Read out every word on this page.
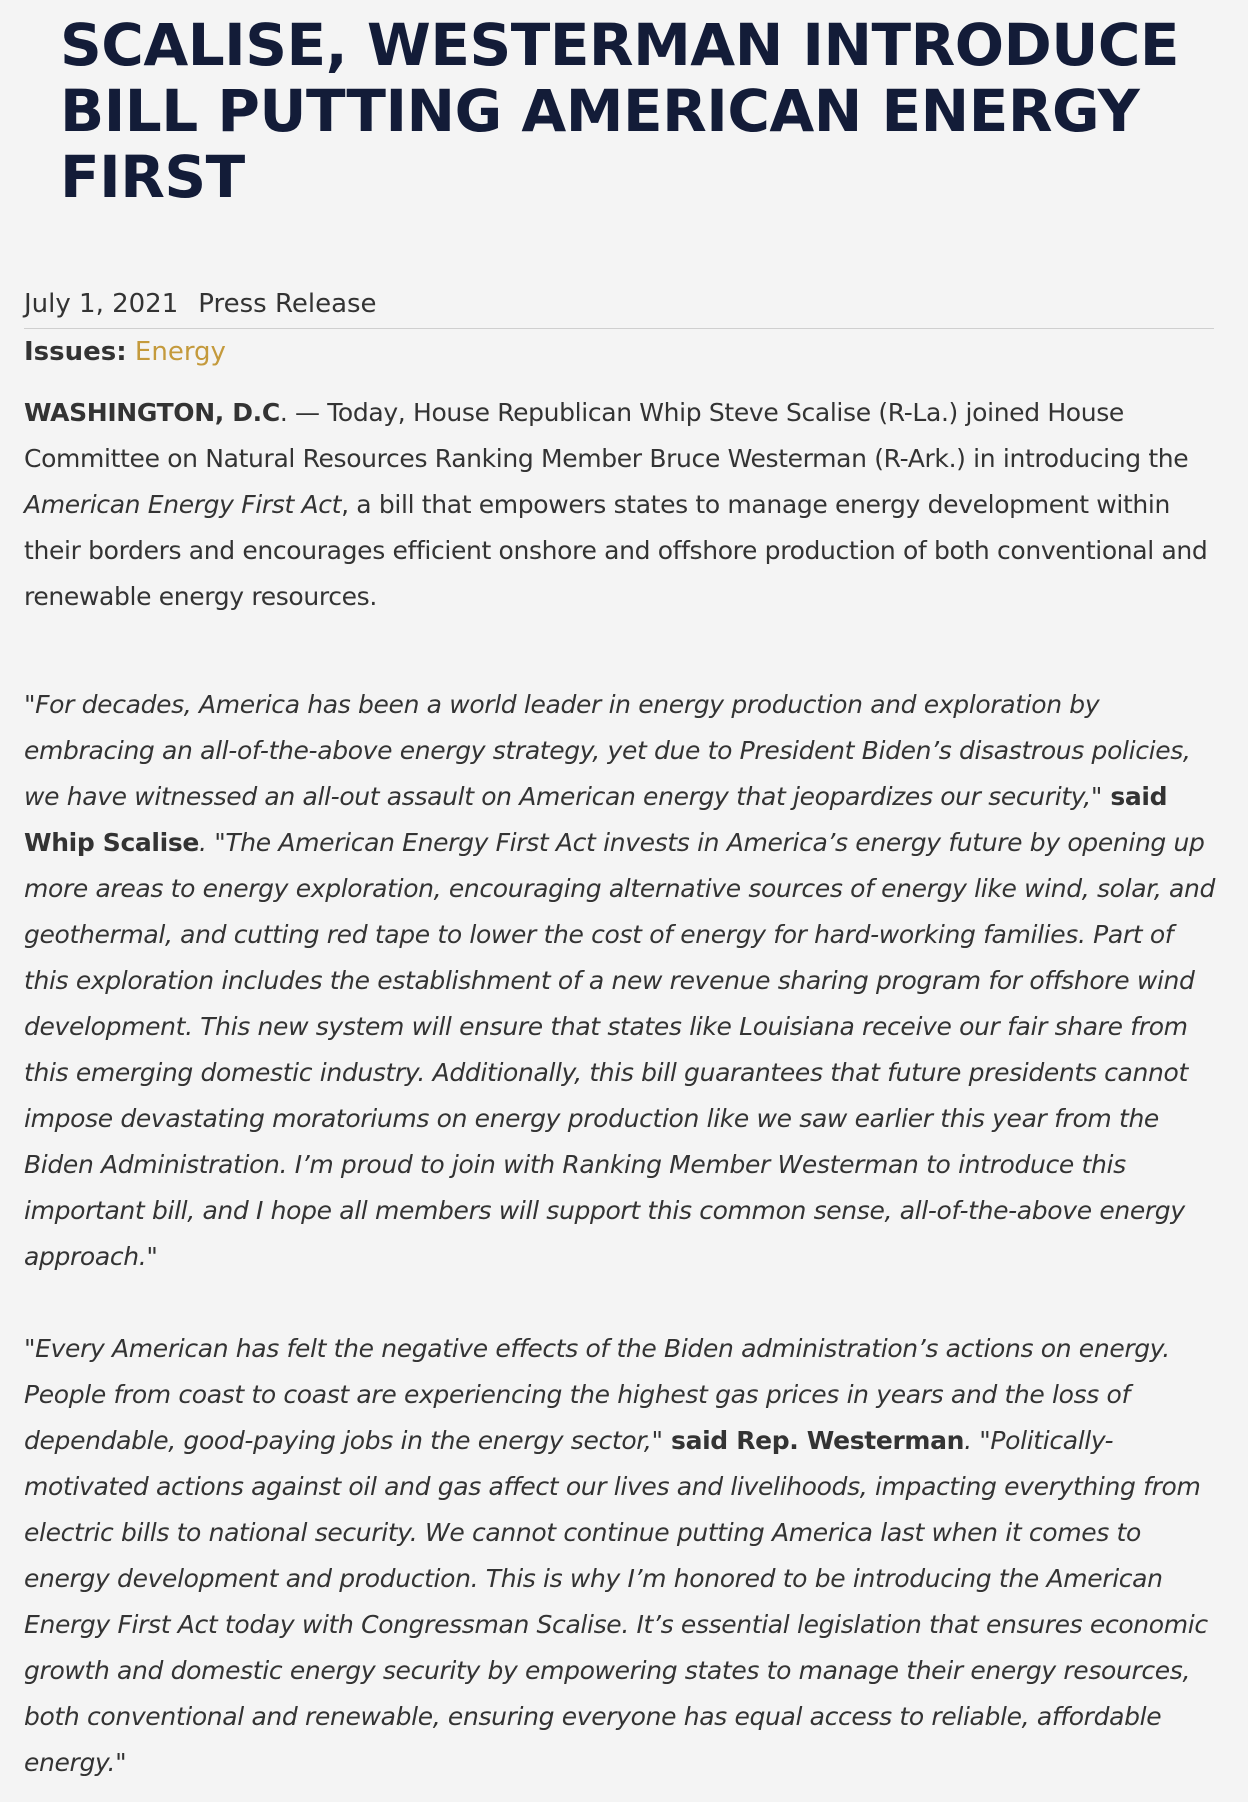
SCALISE, WESTERMAN INTRODUCE BILL PUTTING AMERICAN ENERGY FIRST
July 1, 2021 Press Release
Issues: Energy

WASHINGTON, D.C. — Today, House Republican Whip Steve Scalise (R-La.) joined House Committee on Natural Resources Ranking Member Bruce Westerman (R-Ark.) in introducing the American Energy First Act, a bill that empowers states to manage energy development within their borders and encourages efficient onshore and offshore production of both conventional and renewable energy resources.

"For decades, America has been a world leader in energy production and exploration by embracing an all-of-the-above energy strategy, yet due to President Biden’s disastrous policies, we have witnessed an all-out assault on American energy that jeopardizes our security," said Whip Scalise. "The American Energy First Act invests in America’s energy future by opening up more areas to energy exploration, encouraging alternative sources of energy like wind, solar, and geothermal, and cutting red tape to lower the cost of energy for hard-working families. Part of this exploration includes the establishment of a new revenue sharing program for offshore wind development. This new system will ensure that states like Louisiana receive our fair share from this emerging domestic industry. Additionally, this bill guarantees that future presidents cannot impose devastating moratoriums on energy production like we saw earlier this year from the Biden Administration. I’m proud to join with Ranking Member Westerman to introduce this important bill, and I hope all members will support this common sense, all-of-the-above energy approach."

"Every American has felt the negative effects of the Biden administration’s actions on energy. People from coast to coast are experiencing the highest gas prices in years and the loss of dependable, good-paying jobs in the energy sector," said Rep. Westerman. "Politically-motivated actions against oil and gas affect our lives and livelihoods, impacting everything from electric bills to national security. We cannot continue putting America last when it comes to energy development and production. This is why I’m honored to be introducing the American Energy First Act today with Congressman Scalise. It’s essential legislation that ensures economic growth and domestic energy security by empowering states to manage their energy resources, both conventional and renewable, ensuring everyone has equal access to reliable, affordable energy."
